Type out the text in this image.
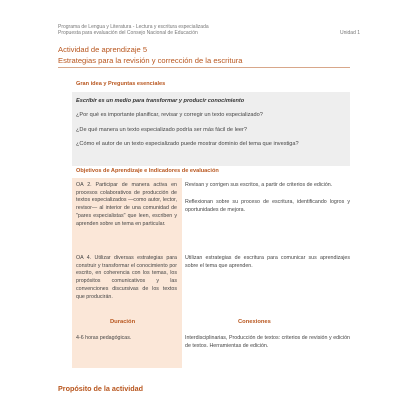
Programa de Lengua y Literatura - Lectura y escritura especializada
Propuesta para evaluación del Consejo Nacional de Educación	Unidad 1
Actividad de aprendizaje 5
Estrategias para la revisión y corrección de la escritura
Gran idea y Preguntas esenciales
Escribir es un medio para transformar y producir conocimiento
¿Por qué es importante planificar, revisar y corregir un texto especializado?
¿De qué manera un texto especializado podría ser más fácil de leer?
¿Cómo el autor de un texto especializado puede mostrar dominio del tema que investiga?
Objetivos de Aprendizaje e Indicadores de evaluación
OA 2. Participar de manera activa en procesos colaborativos de producción de textos especializados —como autor, lector, revisor— al interior de una comunidad de "pares especialistas" que leen, escriben y aprenden sobre un tema en particular.
OA 4. Utilizar diversas estrategias para construir y transformar el conocimiento por escrito, en coherencia con los temas, los propósitos comunicativos y las convenciones discursivas de los textos que producirán.
Revisan y corrigen sus escritos, a partir de criterios de edición.
Reflexionan sobre su proceso de escritura, identificando logros y oportunidades de mejora.
Utilizan estrategias de escritura para comunicar sus aprendizajes sobre el tema que aprenden.
Duración
4-6 horas pedagógicas.
Conexiones
Interdisciplinarias, Producción de textos: criterios de revisión y edición de textos. Herramientas de edición.
Propósito de la actividad
